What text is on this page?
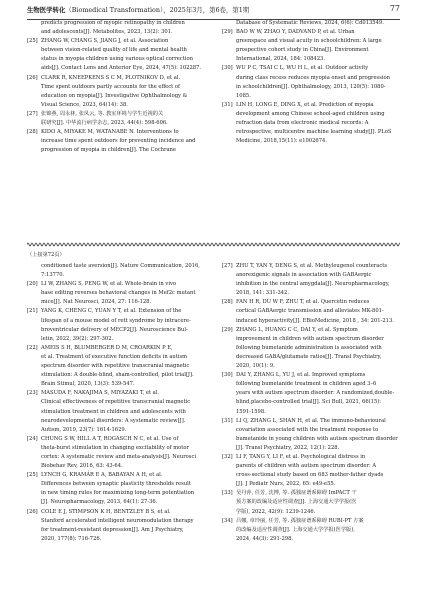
生物医学转化（Biomedical Transformation），2025年3月，第6卷，第1期	77
predicts progression of myopic retinopathy in children
and adolescents[J]. Metabolites, 2023, 13(2): 301.
[25] ZHANG W, CHANG S, JIANG J, et al. Association
between vision-related quality of life and mental health
status in myopia children using various optical correction
aids[J]. Contact Lens and Anterior Eye, 2024, 47(5): 102287.
[26] CLARK R, KNEEPKENS S C M, PLOTNIKOV D, et al.
Time spent outdoors partly accounts for the effect of
education on myopia[J]. Investigative Ophthalmology &
Visual Science, 2023, 64(14): 38.
[27] 张锦燕, 周永林, 张凤云, 等. 教室环境与学生近视的关
联研究[J]. 中华流行病学杂志, 2023, 44(4): 598-606.
[28] KIDO A, MIYAKE M, WATANABE N. Interventions to
increase time spent outdoors for preventing incidence and
progression of myopia in children[J]. The Cochrane
Database of Systematic Reviews, 2024, 6(6): Cd013549.
[29] BAO W W, ZHAO Y, DADVAND P, et al. Urban
greenspace and visual acuity in schoolchildren: A large
prospective cohort study in China[J]. Environment
International, 2024, 184: 108423.
[30] WU P C, TSAI C L, WU H L, et al. Outdoor activity
during class recess reduces myopia onset and progression
in schoolchildren[J]. Ophthalmology, 2013, 120(5): 1080-
1085.
[31] LIN H, LONG E, DING X, et al. Prediction of myopia
development among Chinese school-aged children using
refraction data from electronic medical records: A
retrospective, multicentre machine learning study[J]. PLoS
Medicine, 2018,15(11): e1002674.
（上接第72页）
conditioned taste aversion[J]. Nature Communication, 2016,
7:13770.
[20] LI W, ZHANG S, PENG W, et al. Whole-brain in vivo
base editing reverses behavioral changes in Mef2c mutant
mice[J]. Nat Neurosci, 2024, 27: 116-128.
[21] YANG K, CHENG C, YUAN Y T, et al. Extension of the
lifespan of a mouse model of rett syndrome by intracere-
broventricular delivery of MECP2[J]. Neuroscience Bul-
letin, 2022, 39(2): 297-302.
[22] AMEIS S H, BLUMBERGER D M, CROARKIN P E,
et al. Treatment of executive function deficits in autism
spectrum disorder with repetitive transcranial magnetic
stimulation: A double-blind, sham-controlled, pilot trial[J].
Brain Stimul, 2020, 13(3): 539-547.
[23] MASUDA F, NAKAJIMA S, MIYAZAKI T, et al.
Clinical effectiveness of repetitive transcranial magnetic
stimulation treatment in children and adolescents with
neurodevelopmental disorders: A systematic review[J].
Autism, 2019, 23(7): 1614-1629.
[24] CHUNG S W, HILL A T, ROGASCH N C, et al. Use of
theta-burst stimulation in changing excitability of motor
cortex: A systematic review and meta-analysis[J]. Neurosci
Biobehav Rev, 2016, 63: 43-64.
[25] LYNCH G, KRAMÁR E A, BABAYAN A H, et al.
Differences between synaptic plasticity thresholds result
in new timing rules for maximizing long-term potentiation
[J]. Neuropharmacology, 2013, 64(1): 27-36.
[26] COLE E J, STIMPSON K H, BENTZLEY B S, et al.
Stanford accelerated intelligent neuromodulation therapy
for treatment-resistant depression[J]. Am J Psychiatry,
2020, 177(8): 716-726.
[27] ZHU T, YAN Y, DENG S, et al. Methyleugenol counteracts
anorexigenic signals in association with GABAergic
inhibition in the central amygdala[J]. Neuropharmacology,
2018, 141: 331-342.
[28] FAN H R, DU W F, ZHU T, et al. Quercetin reduces
cortical GABAergic transmission and alleviates MK-801-
induced hyperactivity[J]. EBioMedicine, 2018 , 34: 201-213.
[29] ZHANG L, HUANG C C, DAI Y, et al. Symptom
improvement in children with autism spectrum disorder
following bumetanide administration is associated with
decreased GABA/glutamate ratios[J]. Transl Psychiatry,
2020, 10(1): 9.
[30] DAI Y, ZHANG L, YU J, et al. Improved symptoms
following bumetanide treatment in children aged 3–6
years with autism spectrum disorder: A randomized,double-
blind,placebo-controlled trial[J]. Sci Bull, 2021, 66(15):
1591-1598.
[31] LI Q, ZHANG L, SHAN H, et al. The immuno-behavioural
covariation associated with the treatment response to
bumetanide in young children with autism spectrum disorder
[J]. Transl Psychiatry, 2022, 12(1): 228.
[32] LI F, TANG Y, LI F, et al. Psychological distress in
parents of children with autism spectrum disorder: A
cross-sectional study based on 683 mother-father dyads
[J]. J Pediatr Nurs, 2022, 65: e49-e55.
[33] 吴丹萍, 任芳, 沈博, 等. 孤独症谱系障碍 ImPACT 干
预方案的改编及适应性调查[J]. 上海交通大学学报(医
学版), 2022, 42(9): 1239-1246.
[34] 吕娜, 章玲丽, 任芳, 等. 孤独症谱系障碍 RUBI-PT 方案
的改编及适应性调查[J]. 上海交通大学学报(医学版),
2024, 44(3): 291-298.
